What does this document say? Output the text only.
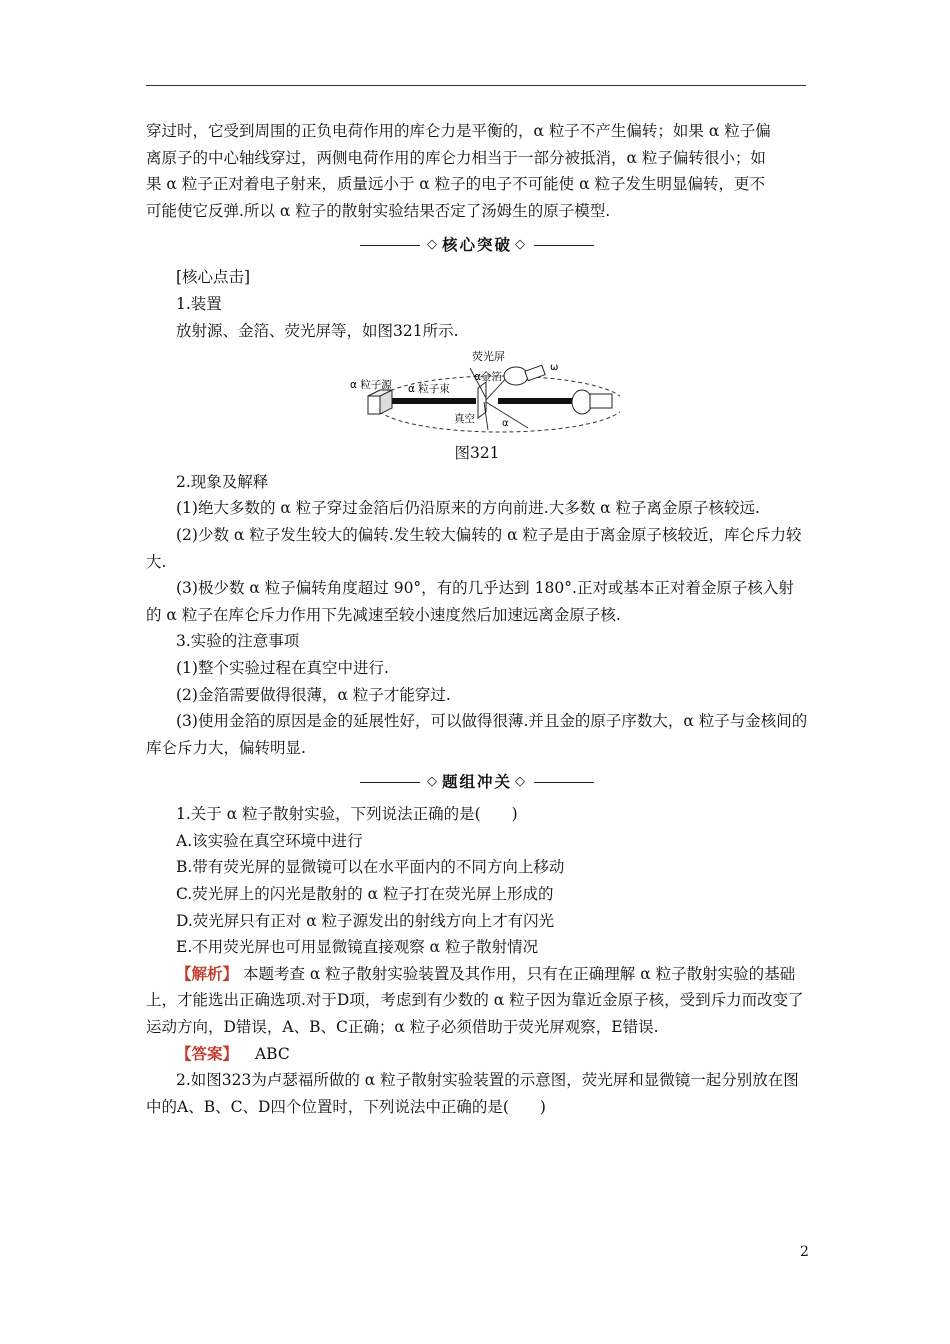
穿过时，它受到周围的正负电荷作用的库仑力是平衡的，α 粒子不产生偏转；如果 α 粒子偏

离原子的中心轴线穿过，两侧电荷作用的库仑力相当于一部分被抵消，α 粒子偏转很小；如

果 α 粒子正对着电子射来，质量远小于 α 粒子的电子不可能使 α 粒子发生明显偏转，更不

可能使它反弹.所以 α 粒子的散射实验结果否定了汤姆生的原子模型.

◇ 核心突破 ◇

[核心点击]

1.装置

放射源、金箔、荧光屏等，如图321所示.

荧光屏
α 粒子源 α 粒子束
α金箔
真空	α
ω

图321

2.现象及解释

(1)绝大多数的 α 粒子穿过金箔后仍沿原来的方向前进.大多数 α 粒子离金原子核较远.

(2)少数 α 粒子发生较大的偏转.发生较大偏转的 α 粒子是由于离金原子核较近，库仑斥力较大.

(3)极少数 α 粒子偏转角度超过 90°，有的几乎达到 180°.正对或基本正对着金原子核入射的 α 粒子在库仑斥力作用下先减速至较小速度然后加速远离金原子核.

3.实验的注意事项

(1)整个实验过程在真空中进行.

(2)金箔需要做得很薄，α 粒子才能穿过.

(3)使用金箔的原因是金的延展性好，可以做得很薄.并且金的原子序数大，α 粒子与金核间的库仑斥力大，偏转明显.

◇ 题组冲关 ◇

1.关于 α 粒子散射实验，下列说法正确的是(　　)

A.该实验在真空环境中进行

B.带有荧光屏的显微镜可以在水平面内的不同方向上移动

C.荧光屏上的闪光是散射的 α 粒子打在荧光屏上形成的

D.荧光屏只有正对 α 粒子源发出的射线方向上才有闪光

E.不用荧光屏也可用显微镜直接观察 α 粒子散射情况

【解析】 本题考查 α 粒子散射实验装置及其作用，只有在正确理解 α 粒子散射实验的基础上，才能选出正确选项.对于D项，考虑到有少数的 α 粒子因为靠近金原子核，受到斥力而改变了运动方向，D错误，A、B、C正确；α 粒子必须借助于荧光屏观察，E错误.

【答案】 ABC

2.如图323为卢瑟福所做的 α 粒子散射实验装置的示意图，荧光屏和显微镜一起分别放在图中的A、B、C、D四个位置时，下列说法中正确的是(　　)

2
